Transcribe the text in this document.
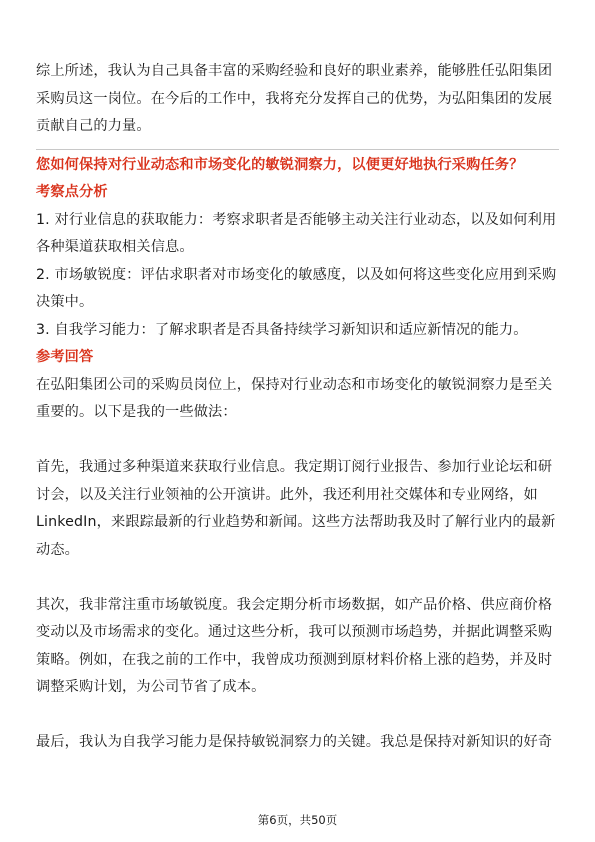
综上所述，我认为自己具备丰富的采购经验和良好的职业素养，能够胜任弘阳集团采购员这一岗位。在今后的工作中，我将充分发挥自己的优势，为弘阳集团的发展贡献自己的力量。

您如何保持对行业动态和市场变化的敏锐洞察力，以便更好地执行采购任务？

考察点分析

1. 对行业信息的获取能力：考察求职者是否能够主动关注行业动态，以及如何利用各种渠道获取相关信息。

2. 市场敏锐度：评估求职者对市场变化的敏感度，以及如何将这些变化应用到采购决策中。

3. 自我学习能力：了解求职者是否具备持续学习新知识和适应新情况的能力。

参考回答

在弘阳集团公司的采购员岗位上，保持对行业动态和市场变化的敏锐洞察力是至关重要的。以下是我的一些做法：

首先，我通过多种渠道来获取行业信息。我定期订阅行业报告、参加行业论坛和研讨会，以及关注行业领袖的公开演讲。此外，我还利用社交媒体和专业网络，如LinkedIn，来跟踪最新的行业趋势和新闻。这些方法帮助我及时了解行业内的最新动态。

其次，我非常注重市场敏锐度。我会定期分析市场数据，如产品价格、供应商价格变动以及市场需求的变化。通过这些分析，我可以预测市场趋势，并据此调整采购策略。例如，在我之前的工作中，我曾成功预测到原材料价格上涨的趋势，并及时调整采购计划，为公司节省了成本。

最后，我认为自我学习能力是保持敏锐洞察力的关键。我总是保持对新知识的好奇

第6页，共50页
